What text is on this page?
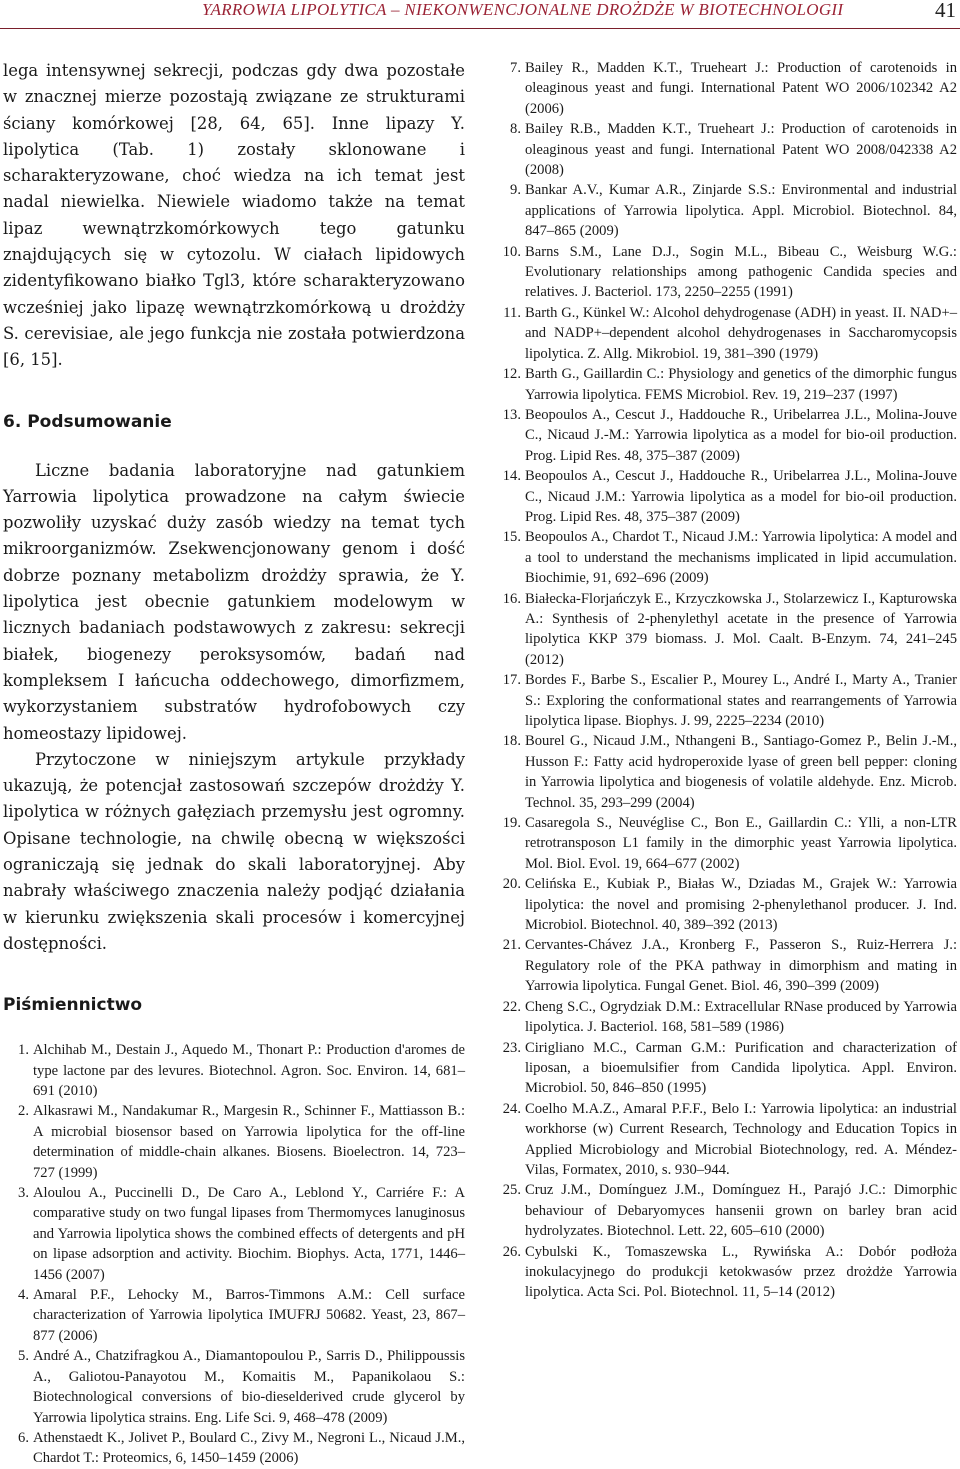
YARROWIA LIPOLYTICA – NIEKONWENCJONALNE DROŻDŻE W BIOTECHNOLOGII	41

lega intensywnej sekrecji, podczas gdy dwa pozostałe w znacznej mierze pozostają związane ze strukturami ściany komórkowej [28, 64, 65]. Inne lipazy Y. lipolytica (Tab. 1) zostały sklonowane i scharakteryzowane, choć wiedza na ich temat jest nadal niewielka. Niewiele wiadomo także na temat lipaz wewnątrzkomórkowych tego gatunku znajdujących się w cytozolu. W ciałach lipidowych zidentyfikowano białko Tgl3, które scharakteryzowano wcześniej jako lipazę wewnątrzkomórkową u drożdży S. cerevisiae, ale jego funkcja nie została potwierdzona [6, 15].

6. Podsumowanie

Liczne badania laboratoryjne nad gatunkiem Yarrowia lipolytica prowadzone na całym świecie pozwoliły uzyskać duży zasób wiedzy na temat tych mikroorganizmów. Zsekwencjonowany genom i dość dobrze poznany metabolizm drożdży sprawia, że Y. lipolytica jest obecnie gatunkiem modelowym w licznych badaniach podstawowych z zakresu: sekrecji białek, biogenezy peroksysomów, badań nad kompleksem I łańcucha oddechowego, dimorfizmem, wykorzystaniem substratów hydrofobowych czy homeostazy lipidowej.

Przytoczone w niniejszym artykule przykłady ukazują, że potencjał zastosowań szczepów drożdży Y. lipolytica w różnych gałęziach przemysłu jest ogromny. Opisane technologie, na chwilę obecną w większości ograniczają się jednak do skali laboratoryjnej. Aby nabrały właściwego znaczenia należy podjąć działania w kierunku zwiększenia skali procesów i komercyjnej dostępności.

Piśmiennictwo
1. Alchihab M., Destain J., Aquedo M., Thonart P.: Production d'aromes de type lactone par des levures. Biotechnol. Agron. Soc. Environ. 14, 681–691 (2010)
2. Alkasrawi M., Nandakumar R., Margesin R., Schinner F., Mattiasson B.: A microbial biosensor based on Yarrowia lipolytica for the off-line determination of middle-chain alkanes. Biosens. Bioelectron. 14, 723–727 (1999)
3. Aloulou A., Puccinelli D., De Caro A., Leblond Y., Carriére F.: A comparative study on two fungal lipases from Thermomyces lanuginosus and Yarrowia lipolytica shows the combined effects of detergents and pH on lipase adsorption and activity. Biochim. Biophys. Acta, 1771, 1446–1456 (2007)
4. Amaral P.F., Lehocky M., Barros-Timmons A.M.: Cell surface characterization of Yarrowia lipolytica IMUFRJ 50682. Yeast, 23, 867–877 (2006)
5. André A., Chatzifragkou A., Diamantopoulou P., Sarris D., Philippoussis A., Galiotou-Panayotou M., Komaitis M., Papanikolaou S.: Biotechnological conversions of bio-dieselderived crude glycerol by Yarrowia lipolytica strains. Eng. Life Sci. 9, 468–478 (2009)
6. Athenstaedt K., Jolivet P., Boulard C., Zivy M., Negroni L., Nicaud J.M., Chardot T.: Proteomics, 6, 1450–1459 (2006)
7. Bailey R., Madden K.T., Trueheart J.: Production of carotenoids in oleaginous yeast and fungi. International Patent WO 2006/102342 A2 (2006)
8. Bailey R.B., Madden K.T., Trueheart J.: Production of carotenoids in oleaginous yeast and fungi. International Patent WO 2008/042338 A2 (2008)
9. Bankar A.V., Kumar A.R., Zinjarde S.S.: Environmental and industrial applications of Yarrowia lipolytica. Appl. Microbiol. Biotechnol. 84, 847–865 (2009)
10. Barns S.M., Lane D.J., Sogin M.L., Bibeau C., Weisburg W.G.: Evolutionary relationships among pathogenic Candida species and relatives. J. Bacteriol. 173, 2250–2255 (1991)
11. Barth G., Künkel W.: Alcohol dehydrogenase (ADH) in yeast. II. NAD+–and NADP+–dependent alcohol dehydrogenases in Saccharomycopsis lipolytica. Z. Allg. Mikrobiol. 19, 381–390 (1979)
12. Barth G., Gaillardin C.: Physiology and genetics of the dimorphic fungus Yarrowia lipolytica. FEMS Microbiol. Rev. 19, 219–237 (1997)
13. Beopoulos A., Cescut J., Haddouche R., Uribelarrea J.L., Molina-Jouve C., Nicaud J.-M.: Yarrowia lipolytica as a model for bio-oil production. Prog. Lipid Res. 48, 375–387 (2009)
14. Beopoulos A., Cescut J., Haddouche R., Uribelarrea J.L., Molina-Jouve C., Nicaud J.M.: Yarrowia lipolytica as a model for bio-oil production. Prog. Lipid Res. 48, 375–387 (2009)
15. Beopoulos A., Chardot T., Nicaud J.M.: Yarrowia lipolytica: A model and a tool to understand the mechanisms implicated in lipid accumulation. Biochimie, 91, 692–696 (2009)
16. Białecka-Florjańczyk E., Krzyczkowska J., Stolarzewicz I., Kapturowska A.: Synthesis of 2-phenylethyl acetate in the presence of Yarrowia lipolytica KKP 379 biomass. J. Mol. Caalt. B-Enzym. 74, 241–245 (2012)
17. Bordes F., Barbe S., Escalier P., Mourey L., André I., Marty A., Tranier S.: Exploring the conformational states and rearrangements of Yarrowia lipolytica lipase. Biophys. J. 99, 2225–2234 (2010)
18. Bourel G., Nicaud J.M., Nthangeni B., Santiago-Gomez P., Belin J.-M., Husson F.: Fatty acid hydroperoxide lyase of green bell pepper: cloning in Yarrowia lipolytica and biogenesis of volatile aldehyde. Enz. Microb. Technol. 35, 293–299 (2004)
19. Casaregola S., Neuvéglise C., Bon E., Gaillardin C.: Ylli, a non-LTR retrotransposon L1 family in the dimorphic yeast Yarrowia lipolytica. Mol. Biol. Evol. 19, 664–677 (2002)
20. Celińska E., Kubiak P., Białas W., Dziadas M., Grajek W.: Yarrowia lipolytica: the novel and promising 2-phenylethanol producer. J. Ind. Microbiol. Biotechnol. 40, 389–392 (2013)
21. Cervantes-Chávez J.A., Kronberg F., Passeron S., Ruiz-Herrera J.: Regulatory role of the PKA pathway in dimorphism and mating in Yarrowia lipolytica. Fungal Genet. Biol. 46, 390–399 (2009)
22. Cheng S.C., Ogrydziak D.M.: Extracellular RNase produced by Yarrowia lipolytica. J. Bacteriol. 168, 581–589 (1986)
23. Cirigliano M.C., Carman G.M.: Purification and characterization of liposan, a bioemulsifier from Candida lipolytica. Appl. Environ. Microbiol. 50, 846–850 (1995)
24. Coelho M.A.Z., Amaral P.F.F., Belo I.: Yarrowia lipolytica: an industrial workhorse (w) Current Research, Technology and Education Topics in Applied Microbiology and Microbial Biotechnology, red. A. Méndez-Vilas, Formatex, 2010, s. 930–944.
25. Cruz J.M., Domínguez J.M., Domínguez H., Parajó J.C.: Dimorphic behaviour of Debaryomyces hansenii grown on barley bran acid hydrolyzates. Biotechnol. Lett. 22, 605–610 (2000)
26. Cybulski K., Tomaszewska L., Rywińska A.: Dobór podłoża inokulacyjnego do produkcji ketokwasów przez drożdże Yarrowia lipolytica. Acta Sci. Pol. Biotechnol. 11, 5–14 (2012)
